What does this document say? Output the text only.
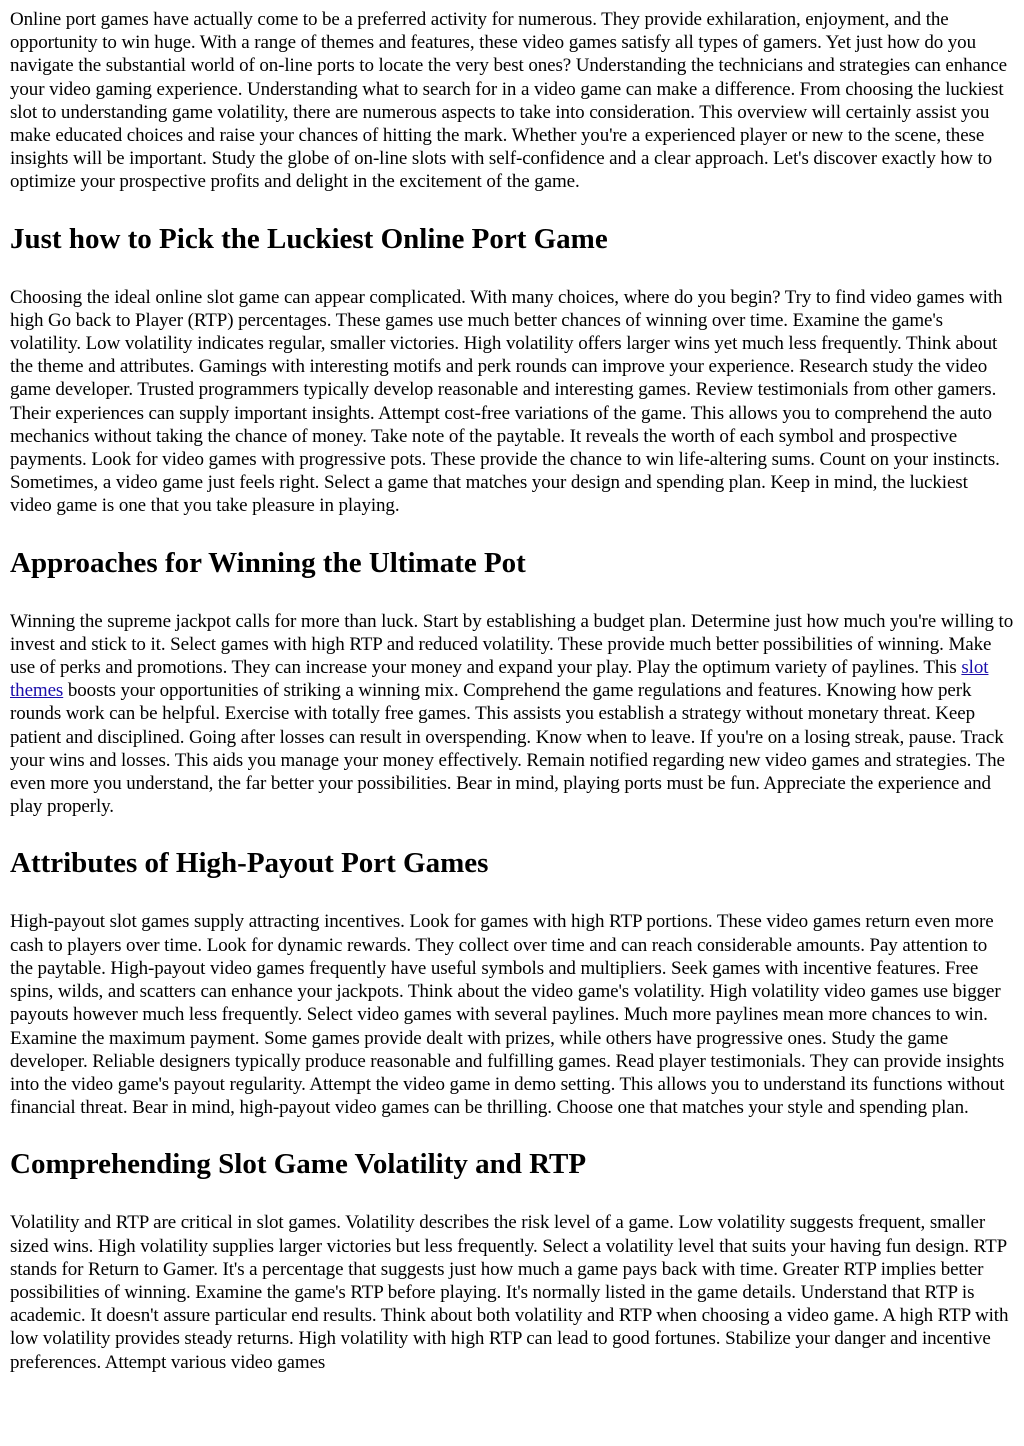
Online port games have actually come to be a preferred activity for numerous. They provide exhilaration, enjoyment, and the opportunity to win huge. With a range of themes and features, these video games satisfy all types of gamers. Yet just how do you navigate the substantial world of on-line ports to locate the very best ones? Understanding the technicians and strategies can enhance your video gaming experience. Understanding what to search for in a video game can make a difference. From choosing the luckiest slot to understanding game volatility, there are numerous aspects to take into consideration. This overview will certainly assist you make educated choices and raise your chances of hitting the mark. Whether you're a experienced player or new to the scene, these insights will be important. Study the globe of on-line slots with self-confidence and a clear approach. Let's discover exactly how to optimize your prospective profits and delight in the excitement of the game.

Just how to Pick the Luckiest Online Port Game

Choosing the ideal online slot game can appear complicated. With many choices, where do you begin? Try to find video games with high Go back to Player (RTP) percentages. These games use much better chances of winning over time. Examine the game's volatility. Low volatility indicates regular, smaller victories. High volatility offers larger wins yet much less frequently. Think about the theme and attributes. Gamings with interesting motifs and perk rounds can improve your experience. Research study the video game developer. Trusted programmers typically develop reasonable and interesting games. Review testimonials from other gamers. Their experiences can supply important insights. Attempt cost-free variations of the game. This allows you to comprehend the auto mechanics without taking the chance of money. Take note of the paytable. It reveals the worth of each symbol and prospective payments. Look for video games with progressive pots. These provide the chance to win life-altering sums. Count on your instincts. Sometimes, a video game just feels right. Select a game that matches your design and spending plan. Keep in mind, the luckiest video game is one that you take pleasure in playing.

Approaches for Winning the Ultimate Pot

Winning the supreme jackpot calls for more than luck. Start by establishing a budget plan. Determine just how much you're willing to invest and stick to it. Select games with high RTP and reduced volatility. These provide much better possibilities of winning. Make use of perks and promotions. They can increase your money and expand your play. Play the optimum variety of paylines. This slot themes boosts your opportunities of striking a winning mix. Comprehend the game regulations and features. Knowing how perk rounds work can be helpful. Exercise with totally free games. This assists you establish a strategy without monetary threat. Keep patient and disciplined. Going after losses can result in overspending. Know when to leave. If you're on a losing streak, pause. Track your wins and losses. This aids you manage your money effectively. Remain notified regarding new video games and strategies. The even more you understand, the far better your possibilities. Bear in mind, playing ports must be fun. Appreciate the experience and play properly.

Attributes of High-Payout Port Games

High-payout slot games supply attracting incentives. Look for games with high RTP portions. These video games return even more cash to players over time. Look for dynamic rewards. They collect over time and can reach considerable amounts. Pay attention to the paytable. High-payout video games frequently have useful symbols and multipliers. Seek games with incentive features. Free spins, wilds, and scatters can enhance your jackpots. Think about the video game's volatility. High volatility video games use bigger payouts however much less frequently. Select video games with several paylines. Much more paylines mean more chances to win. Examine the maximum payment. Some games provide dealt with prizes, while others have progressive ones. Study the game developer. Reliable designers typically produce reasonable and fulfilling games. Read player testimonials. They can provide insights into the video game's payout regularity. Attempt the video game in demo setting. This allows you to understand its functions without financial threat. Bear in mind, high-payout video games can be thrilling. Choose one that matches your style and spending plan.

Comprehending Slot Game Volatility and RTP

Volatility and RTP are critical in slot games. Volatility describes the risk level of a game. Low volatility suggests frequent, smaller sized wins. High volatility supplies larger victories but less frequently. Select a volatility level that suits your having fun design. RTP stands for Return to Gamer. It's a percentage that suggests just how much a game pays back with time. Greater RTP implies better possibilities of winning. Examine the game's RTP before playing. It's normally listed in the game details. Understand that RTP is academic. It doesn't assure particular end results. Think about both volatility and RTP when choosing a video game. A high RTP with low volatility provides steady returns. High volatility with high RTP can lead to good fortunes. Stabilize your danger and incentive preferences. Attempt various video games
